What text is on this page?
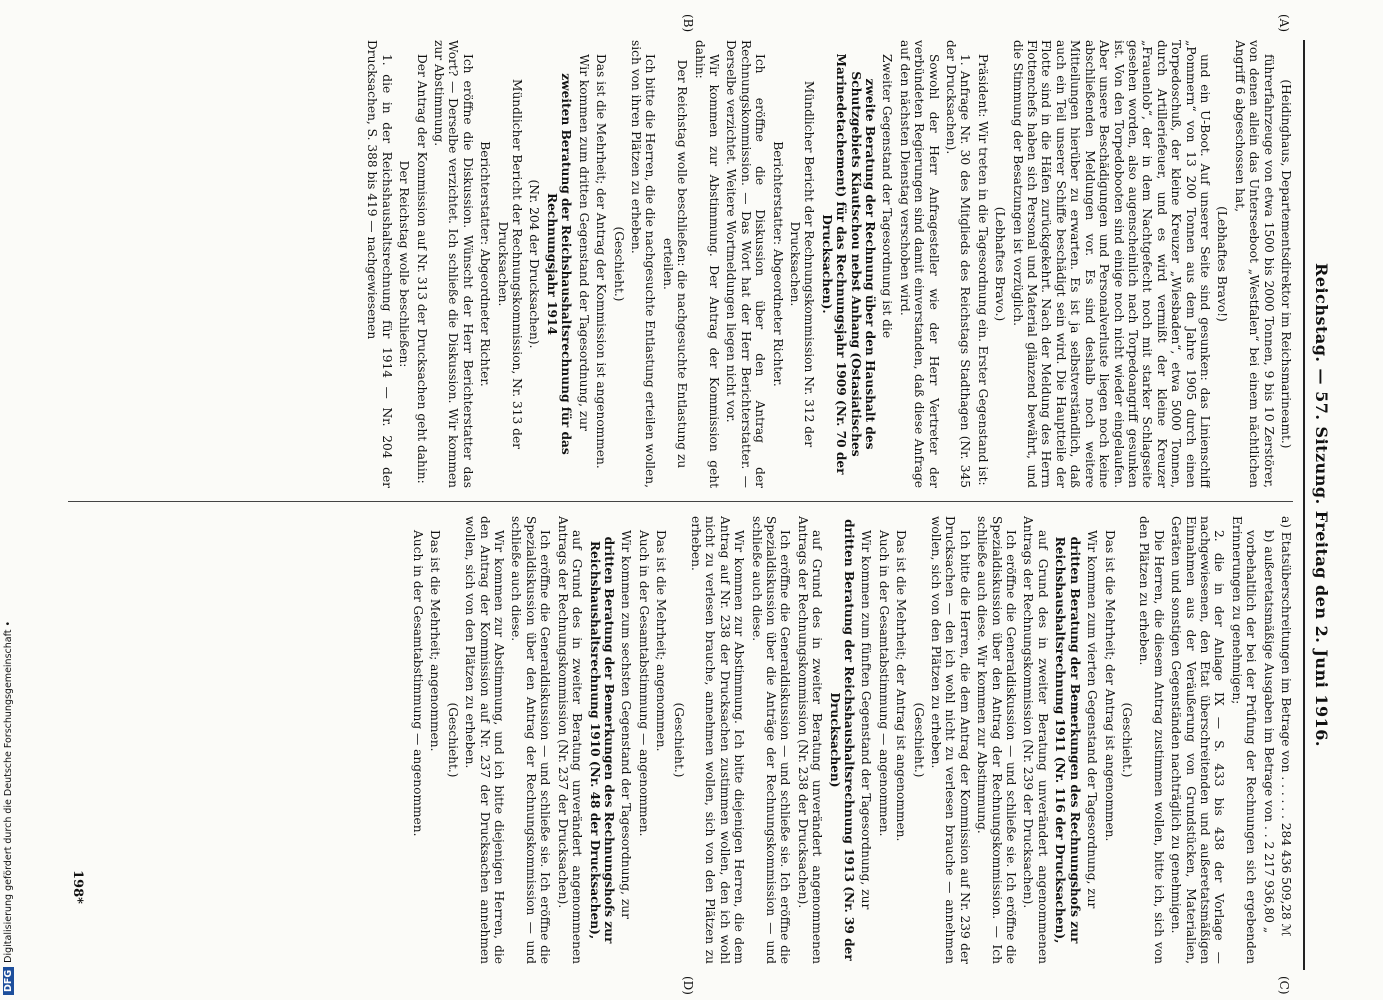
Reichstag. — 57. Sitzung. Freitag den 2. Juni 1916.
(A)
(B)
(C)
(D)

(Heidinghaus, Departementsdirektor im Reichsmarineamt.)

führerfahrzeuge von etwa 1500 bis 2000 Tonnen, 9 bis 10 Zerstörer, von denen allein das Unterseeboot „Westfalen“ bei einem nächtlichen Angriff 6 abgeschossen hat,

(Lebhaftes Bravo!)

und ein U-Boot. Auf unserer Seite sind gesunken: das Linienschiff „Pommern“ von 13 200 Tonnen aus dem Jahre 1905 durch einen Torpedoschuß, der kleine Kreuzer „Wiesbaden“, etwa 5000 Tonnen, durch Artilleriefeuer, und es wird vermißt der kleine Kreuzer „Frauenlob“, der in dem Nachtgefecht noch mit starker Schlagseite gesehen worden, also augenscheinlich nach Torpedoangriff gesunken ist. Von den Torpedobooten sind einige noch nicht wieder eingelaufen. Aber unsere Beschädigungen und Personalverluste liegen noch keine abschließenden Meldungen vor. Es sind deshalb noch weitere Mitteilungen hierüber zu erwarten. Es ist ja selbstverständlich, daß auch ein Teil unserer Schiffe beschädigt sein wird. Die Hauptteile der Flotte sind in die Häfen zurückgekehrt. Nach der Meldung des Herrn Flottenchefs haben sich Personal und Material glänzend bewährt, und die Stimmung der Besatzungen ist vorzüglich.

(Lebhaftes Bravo.)

Präsident: Wir treten in die Tagesordnung ein. Erster Gegenstand ist:

1. Anfrage Nr. 30 des Mitglieds des Reichstags Stadthagen (Nr. 345 der Drucksachen).

Sowohl der Herr Anfragesteller wie der Herr Vertreter der verbündeten Regierungen sind damit einverstanden, daß diese Anfrage auf den nächsten Dienstag verschoben wird.

Zweiter Gegenstand der Tagesordnung ist die

zweite Beratung der Rechnung über den Haushalt des Schutzgebiets Kiautschou nebst Anhang (Ostasiatisches Marinedetachement) für das Rechnungsjahr 1909 (Nr. 70 der Drucksachen).

Mündlicher Bericht der Rechnungskommission Nr. 312 der Drucksachen.

Berichterstatter: Abgeordneter Richter.

Ich eröffne die Diskussion über den Antrag der Rechnungskommission. — Das Wort hat der Herr Berichterstatter. — Derselbe verzichtet. Weitere Wortmeldungen liegen nicht vor.

Wir kommen zur Abstimmung. Der Antrag der Kommission geht dahin:

Der Reichstag wolle beschließen: die nachgesuchte Entlastung zu erteilen.

Ich bitte die Herren, die die nachgesuchte Entlastung erteilen wollen, sich von ihren Plätzen zu erheben.

(Geschieht.)

Das ist die Mehrheit; der Antrag der Kommission ist angenommen.

Wir kommen zum dritten Gegenstand der Tagesordnung, zur

zweiten Beratung der Reichshaushaltsrechnung für das Rechnungsjahr 1914

(Nr. 204 der Drucksachen).

Mündlicher Bericht der Rechnungskommission, Nr. 313 der Drucksachen.

Berichterstatter: Abgeordneter Richter.

Ich eröffne die Diskussion. Wünscht der Herr Berichterstatter das Wort? — Derselbe verzichtet. Ich schließe die Diskussion. Wir kommen zur Abstimmung.

Der Antrag der Kommission auf Nr. 313 der Drucksachen geht dahin:

Der Reichstag wolle beschließen:

1. die in der Reichshaushaltsrechnung für 1914 — Nr. 204 der Drucksachen, S. 388 bis 419 — nachgewiesenen

a) Etatsüberschreitungen im Betrage von . . . . . . 284 436 509,28 ℳ

b) außeretatsmäßige Ausgaben im Betrage von . . 2 217 936,80 „

vorbehaltlich der bei der Prüfung der Rechnungen sich ergebenden Erinnerungen zu genehmigen;

2. die in der Anlage IX — S. 433 bis 438 der Vorlage — nachgewiesenen, den Etat überschreitenden und außeretatsmäßigen Einnahmen aus der Veräußerung von Grundstücken, Materialien, Geräten und sonstigen Gegenständen nachträglich zu genehmigen.

Die Herren, die diesem Antrag zustimmen wollen, bitte ich, sich von den Plätzen zu erheben.

(Geschieht.)

Das ist die Mehrheit; der Antrag ist angenommen.

Wir kommen zum vierten Gegenstand der Tagesordnung, zur

dritten Beratung der Bemerkungen des Rechnungshofs zur Reichshaushaltsrechnung 1911 (Nr. 116 der Drucksachen),

auf Grund des in zweiter Beratung unverändert angenommenen Antrags der Rechnungskommission (Nr. 239 der Drucksachen).

Ich eröffne die Generaldiskussion — und schließe sie. Ich eröffne die Spezialdiskussion über den Antrag der Rechnungskommission. — Ich schließe auch diese. Wir kommen zur Abstimmung.

Ich bitte die Herren, die dem Antrag der Kommission auf Nr. 239 der Drucksachen — den ich wohl nicht zu verlesen brauche — annehmen wollen, sich von den Plätzen zu erheben.

(Geschieht.)

Das ist die Mehrheit; der Antrag ist angenommen.

Auch in der Gesamtabstimmung — angenommen.

Wir kommen zum fünften Gegenstand der Tagesordnung, zur

dritten Beratung der Reichshaushaltsrechnung 1913 (Nr. 39 der Drucksachen)

auf Grund des in zweiter Beratung unverändert angenommenen Antrags der Rechnungskommission (Nr. 238 der Drucksachen).

Ich eröffne die Generaldiskussion — und schließe sie. Ich eröffne die Spezialdiskussion über die Anträge der Rechnungskommission — und schließe auch diese.

Wir kommen zur Abstimmung. Ich bitte diejenigen Herren, die dem Antrag auf Nr. 238 der Drucksachen zustimmen wollen, den ich wohl nicht zu verlesen brauche, annehmen wollen, sich von den Plätzen zu erheben.

(Geschieht.)

Das ist die Mehrheit; angenommen.

Auch in der Gesamtabstimmung — angenommen.

Wir kommen zum sechsten Gegenstand der Tagesordnung, zur

dritten Beratung der Bemerkungen des Rechnungshofs zur Reichshaushaltsrechnung 1910 (Nr. 48 der Drucksachen),

auf Grund des in zweiter Beratung unverändert angenommenen Antrags der Rechnungskommission (Nr. 237 der Drucksachen).

Ich eröffne die Generaldiskussion — und schließe sie. Ich eröffne die Spezialdiskussion über den Antrag der Rechnungskommission — und schließe auch diese.

Wir kommen zur Abstimmung, und ich bitte diejenigen Herren, die den Antrag der Kommission auf Nr. 237 der Drucksachen annehmen wollen, sich von den Plätzen zu erheben.

(Geschieht.)

Das ist die Mehrheit; angenommen.

Auch in der Gesamtabstimmung — angenommen.

198*
DFGDigitalisierung gefördert durch die Deutsche Forschungsgemeinschaft •
